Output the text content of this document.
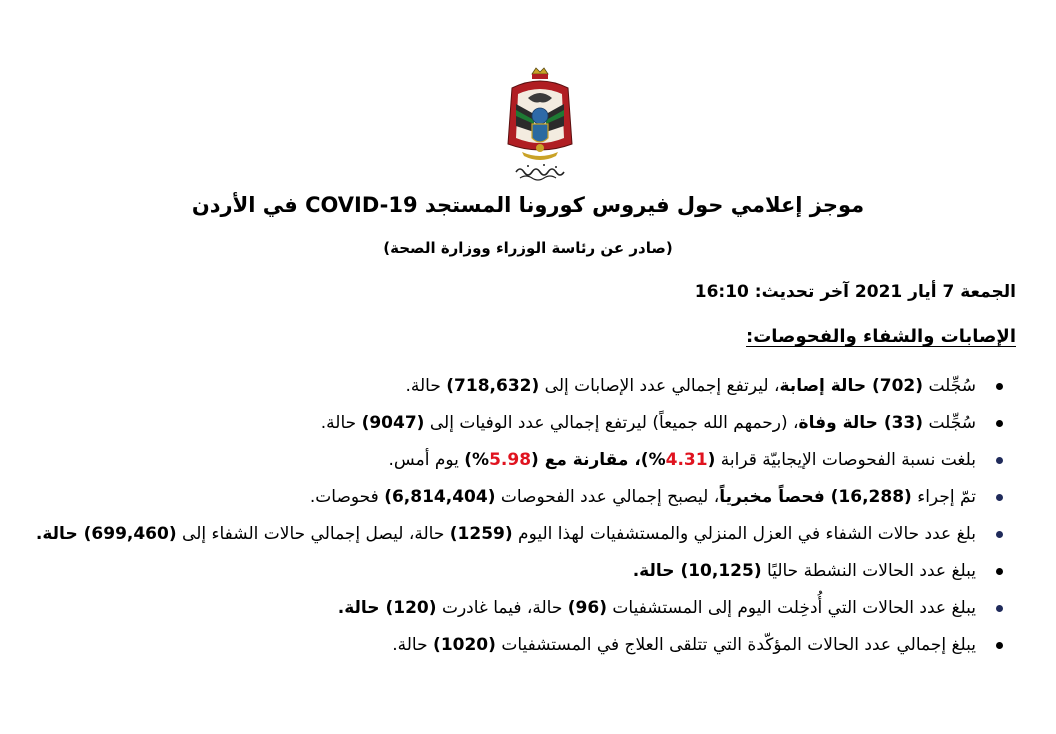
موجز إعلامي حول فيروس كورونا المستجد COVID-19 في الأردن
(صادر عن رئاسة الوزراء ووزارة الصحة)
الجمعة 7 أيار 2021 آخر تحديث: 16:10
الإصابات والشفاء والفحوصات:
سُجِّلت (702) حالة إصابة، ليرتفع إجمالي عدد الإصابات إلى (718,632) حالة.
سُجِّلت (33) حالة وفاة، (رحمهم الله جميعاً) ليرتفع إجمالي عدد الوفيات إلى (9047) حالة.
بلغت نسبة الفحوصات الإيجابيّة قرابة (4.31%)، مقارنة مع (5.98%) يوم أمس.
تمّ إجراء (16,288) فحصاً مخبرياً، ليصبح إجمالي عدد الفحوصات (6,814,404) فحوصات.
بلغ عدد حالات الشفاء في العزل المنزلي والمستشفيات لهذا اليوم (1259) حالة، ليصل إجمالي حالات الشفاء إلى (699,460) حالة.
يبلغ عدد الحالات النشطة حاليًا (10,125) حالة.
يبلغ عدد الحالات التي أُدخِلت اليوم إلى المستشفيات (96) حالة، فيما غادرت (120) حالة.
يبلغ إجمالي عدد الحالات المؤكّدة التي تتلقى العلاج في المستشفيات (1020) حالة.
